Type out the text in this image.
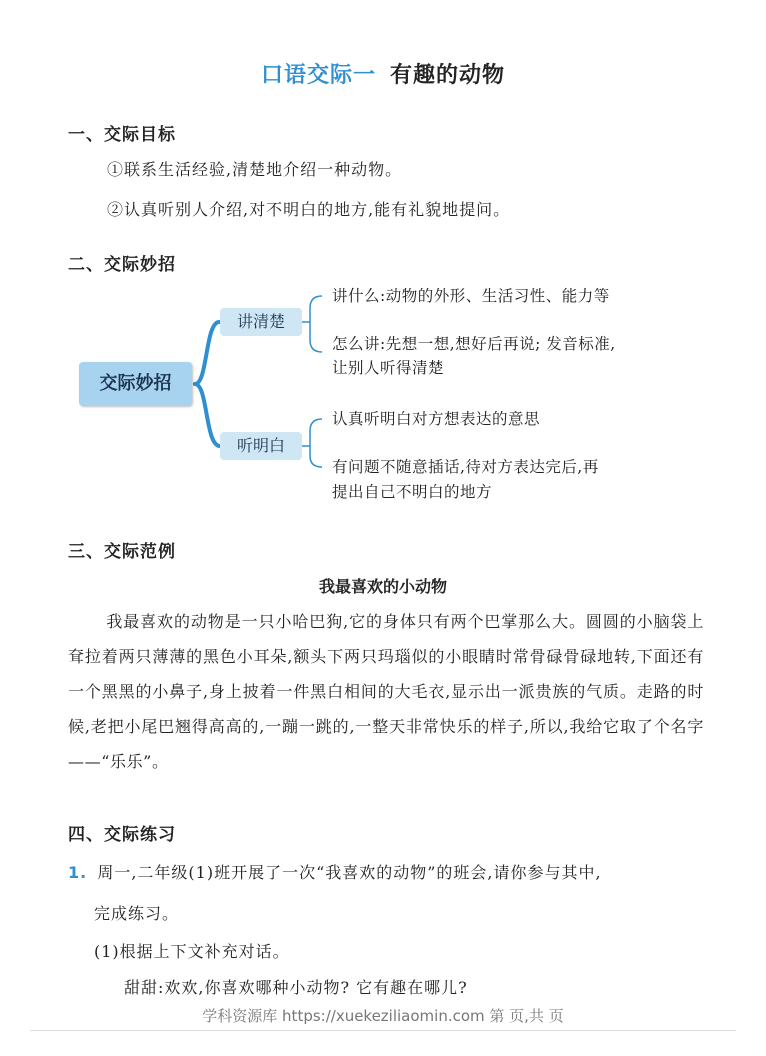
口语交际一 有趣的动物
一、交际目标
①联系生活经验,清楚地介绍一种动物。
②认真听别人介绍,对不明白的地方,能有礼貌地提问。
二、交际妙招
交际妙招
讲清楚
听明白
讲什么:动物的外形、生活习性、能力等
怎么讲:先想一想,想好后再说; 发音标准,
让别人听得清楚
认真听明白对方想表达的意思
有问题不随意插话,待对方表达完后,再
提出自己不明白的地方
三、交际范例
我最喜欢的小动物
我最喜欢的动物是一只小哈巴狗,它的身体只有两个巴掌那么大。圆圆的小脑袋上耷拉着两只薄薄的黑色小耳朵,额头下两只玛瑙似的小眼睛时常骨碌骨碌地转,下面还有一个黑黑的小鼻子,身上披着一件黑白相间的大毛衣,显示出一派贵族的气质。走路的时候,老把小尾巴翘得高高的,一蹦一跳的,一整天非常快乐的样子,所以,我给它取了个名字——“乐乐”。
四、交际练习
1. 周一,二年级(1)班开展了一次“我喜欢的动物”的班会,请你参与其中,
完成练习。
(1)根据上下文补充对话。
甜甜:欢欢,你喜欢哪种小动物? 它有趣在哪儿?
学科资源库 https://xuekeziliaomin.com 第 页,共 页
